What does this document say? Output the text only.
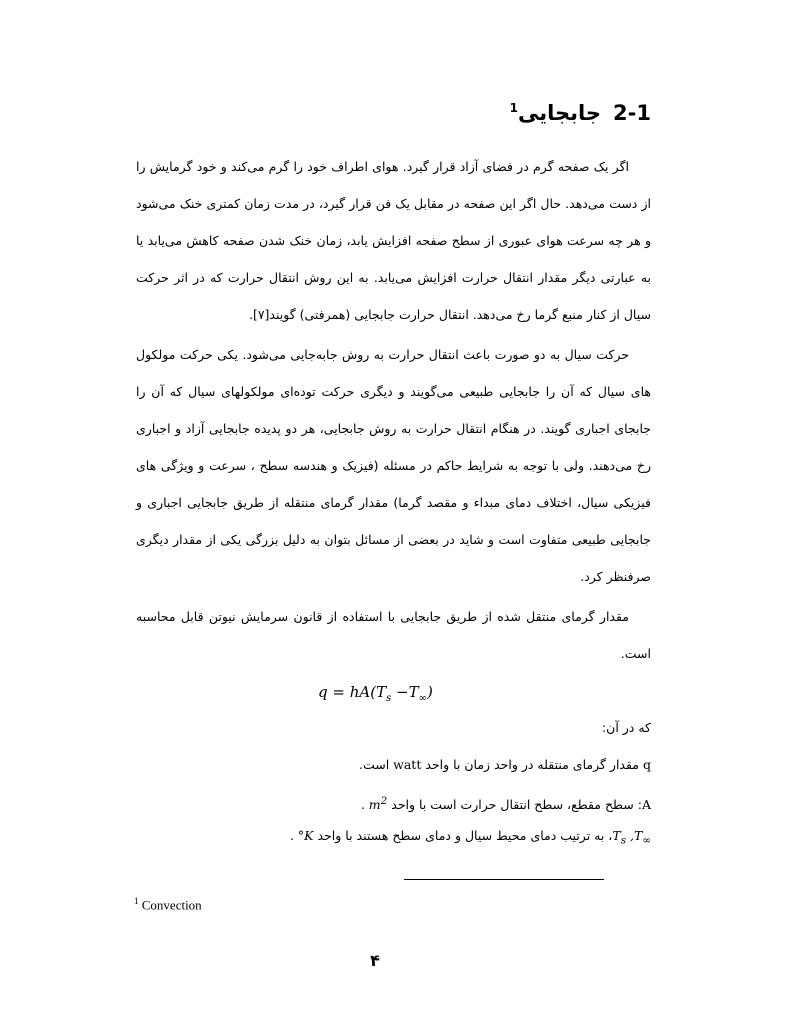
2-1جابجایی$^1$
اگر یک صفحه گرم در فضای آزاد قرار گیرد. هوای اطراف خود را گرم می‌کند و خود گرمایش را از دست می‌دهد. حال اگر این صفحه در مقابل یک فن قرار گیرد، در مدت زمان کمتری خنک می‌شود و هر چه سرعت هوای عبوری از سطح صفحه افزایش یابد، زمان خنک شدن صفحه کاهش می‌یابد یا به عبارتی دیگر مقدار انتقال حرارت افزایش می‌یابد. به این روش انتقال حرارت که در اثر حرکت سیال از کنار منبع گرما رخ می‌دهد. انتقال حرارت جابجایی (همرفتی) گویند[۷].
حرکت سیال به دو صورت باعث انتقال حرارت به روش جابه‌جایی می‌شود. یکی حرکت مولکول های سیال که آن را جابجایی طبیعی می‌گویند و دیگری حرکت توده‌ای مولکولهای سیال که آن را جابجای اجباری گویند. در هنگام انتقال حرارت به روش جابجایی، هر دو پدیده جابجایی آزاد و اجباری رخ می‌دهند. ولی با توجه به شرایط حاکم در مسئله (فیزیک و هندسه سطح ، سرعت و ویژگی های فیزیکی سیال، اختلاف دمای مبداء و مقصد گرما) مقدار گرمای منتقله از طریق جابجایی اجباری و جابجایی طبیعی متفاوت است و شاید در بعضی از مسائل بتوان به دلیل بزرگی یکی از مقدار دیگری صرفنظر کرد.
مقدار گرمای منتقل شده از طریق جابجایی با استفاده از قانون سرمایش نیوتن قابل محاسبه است.
$q = hA(T_s -T_\infty)$
که در آن:
q مقدار گرمای منتقله در واحد زمان با واحد watt است.
A: سطح مقطع، سطح انتقال حرارت است با واحد $m^2$ .
$T_s$ $,T_\infty،$ به ترتیب دمای محیط سیال و دمای سطح هستند با واحد °K .
$^1$ Convection
۴
